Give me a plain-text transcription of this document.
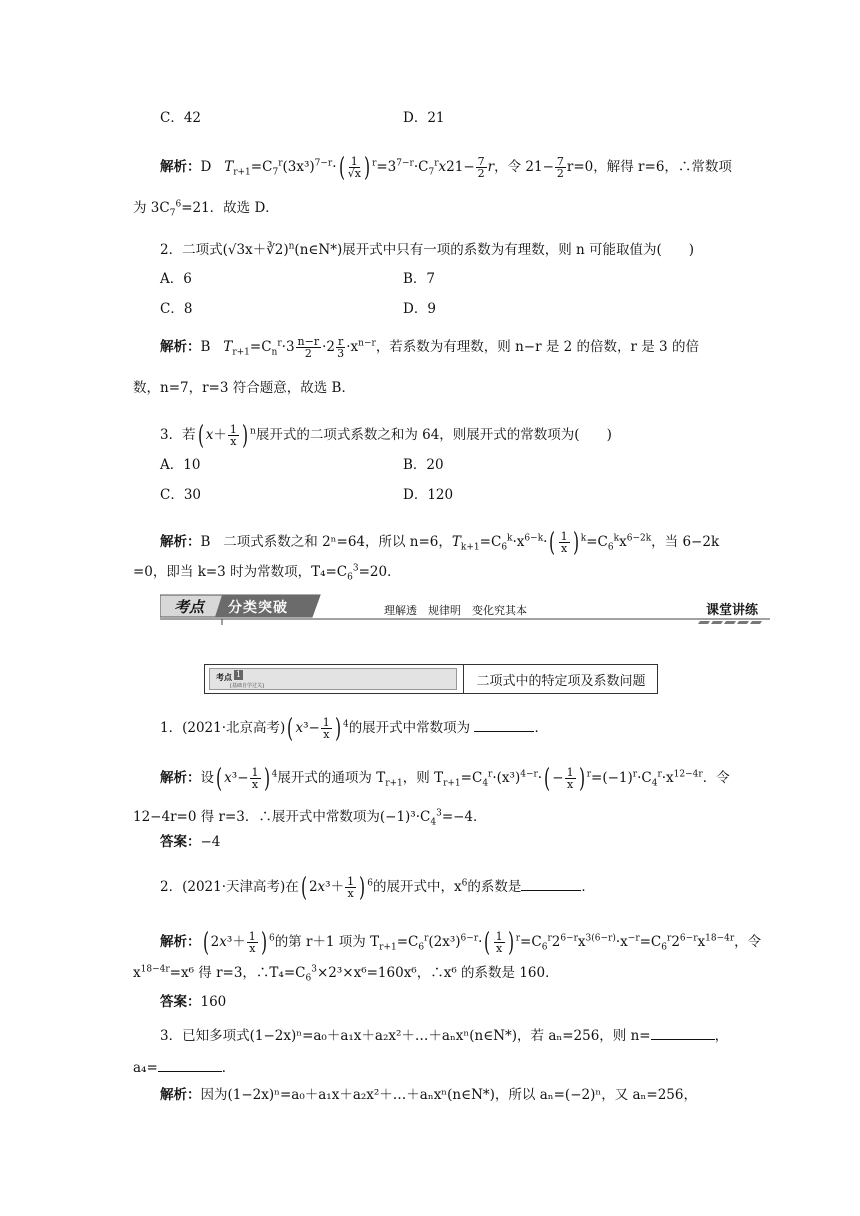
C．42	D．21
解析：D $T_{r+1}=C_7^r(3x^3)^{7-r}\cdot( \frac{1}{√x}$ ) $^r=3^{7-r}\cdot C_7^rx21- \frac{7}{2}$ r，令 $21- \frac{7}{2} r=0$，解得 r=6，∴常数项
为 $3C_7^6=21$．故选 D．
2．二项式(√3x＋∛2)$^n$(n∈N*)展开式中只有一项的系数为有理数，则 n 可能取值为(　　)
A．6	B．7
C．8	D．9
解析：B $T_{r+1}=C_n^r\cdot 3 \frac{n-r}{2} \cdot 2 \frac{r}{3} \cdot x^{n-r}$，若系数为有理数，则 n−r 是 2 的倍数，r 是 3 的倍
数，n=7，r=3 符合题意，故选 B．
3．若( $x+ \frac{1}{x}$ ) $^n$展开式的二项式系数之和为 64，则展开式的常数项为(　　)
A．10	B．20
C．30	D．120
解析：B 二项式系数之和 2ⁿ=64，所以 n=6，$T_{k+1}=C_6^k\cdot x^{6-k}\cdot( \frac{1}{x}$ ) $^k=C_6^kx^{6-2k}$，当 6−2k
=0，即当 k=3 时为常数项，$T_4=C_6^3=20$．
考点 分类突破	理解透　规律明　变化究其本	课堂讲练
考点 1
[基础自学过关]	二项式中的特定项及系数问题
1．(2021·北京高考)( $x^3- \frac{1}{x}$ ) $^4$的展开式中常数项为	．
解析：设( $x^3- \frac{1}{x}$ ) $^4$展开式的通项为 $T_{r+1}$，则 $T_{r+1}=C_4^r\cdot(x^3)^{4-r}\cdot( - \frac{1}{x}$ ) $^r=(-1)^r\cdot C_4^r\cdot x^{12-4r}$．令
12−4r=0 得 r=3．∴展开式中常数项为$(-1)^3\cdot C_4^3=-4$．
答案：−4
2．(2021·天津高考)在( $2x^3+ \frac{1}{x}$ ) $^6$的展开式中，$x^6$的系数是	．
解析：( $2x^3+ \frac{1}{x}$ ) $^6$的第 r＋1 项为 $T_{r+1}=C_6^r(2x^3)^{6-r}\cdot( \frac{1}{x}$ ) $^r=C_6^r2^{6-r}x^{3(6-r)}\cdot x^{-r}=C_6^r2^{6-r}x^{18-4r}$，令
$x^{18-4r}=x^6$ 得 r=3，$\therefore T_4=C_6^3\times 2^3\times x^6=160x^6$，∴x⁶ 的系数是 160．
答案：160
3．已知多项式(1−2x)ⁿ=a₀＋a₁x＋a₂x²＋…＋aₙxⁿ(n∈N*)，若 aₙ=256，则 n=	，
a₄=	．
解析：因为(1−2x)ⁿ=a₀＋a₁x＋a₂x²＋…＋aₙxⁿ(n∈N*)，所以 aₙ=(−2)ⁿ，又 aₙ=256，
